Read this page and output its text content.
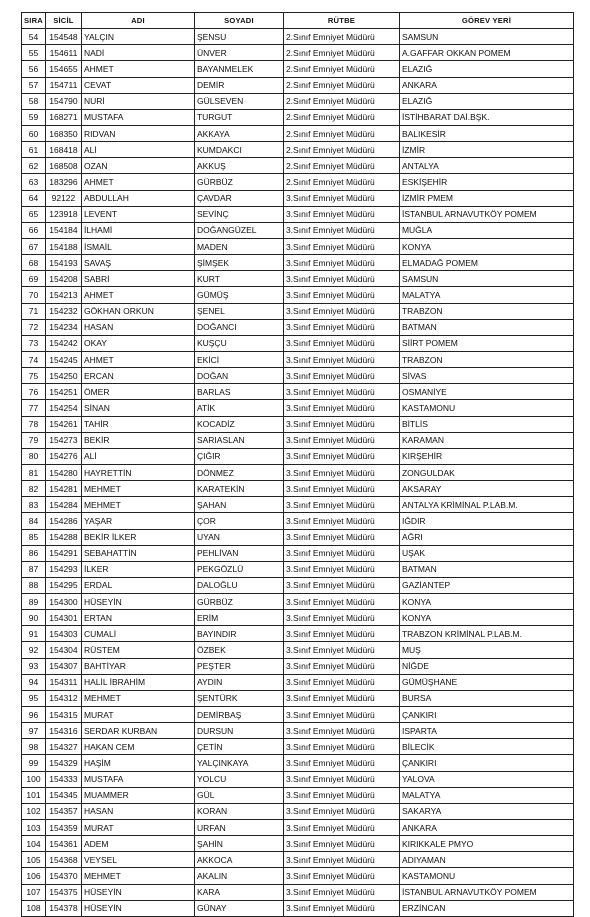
SIRA	SİCİL	ADI	SOYADI	RÜTBE	GÖREV YERİ
54	154548	YALÇIN	ŞENSU	2.Sınıf Emniyet Müdürü	SAMSUN
55	154611	NADİ	ÜNVER	2.Sınıf Emniyet Müdürü	A.GAFFAR OKKAN POMEM
56	154655	AHMET	BAYANMELEK	2.Sınıf Emniyet Müdürü	ELAZIĞ
57	154711	CEVAT	DEMİR	2.Sınıf Emniyet Müdürü	ANKARA
58	154790	NURİ	GÜLSEVEN	2.Sınıf Emniyet Müdürü	ELAZIĞ
59	168271	MUSTAFA	TURGUT	2.Sınıf Emniyet Müdürü	İSTİHBARAT DAİ.BŞK.
60	168350	RIDVAN	AKKAYA	2.Sınıf Emniyet Müdürü	BALIKESİR
61	168418	ALİ	KUMDAKCI	2.Sınıf Emniyet Müdürü	İZMİR
62	168508	OZAN	AKKUŞ	2.Sınıf Emniyet Müdürü	ANTALYA
63	183296	AHMET	GÜRBÜZ	2.Sınıf Emniyet Müdürü	ESKİŞEHİR
64	92122	ABDULLAH	ÇAVDAR	3.Sınıf Emniyet Müdürü	İZMİR PMEM
65	123918	LEVENT	SEVİNÇ	3.Sınıf Emniyet Müdürü	İSTANBUL ARNAVUTKÖY POMEM
66	154184	İLHAMİ	DOĞANGÜZEL	3.Sınıf Emniyet Müdürü	MUĞLA
67	154188	İSMAİL	MADEN	3.Sınıf Emniyet Müdürü	KONYA
68	154193	SAVAŞ	ŞİMŞEK	3.Sınıf Emniyet Müdürü	ELMADAĞ POMEM
69	154208	SABRİ	KURT	3.Sınıf Emniyet Müdürü	SAMSUN
70	154213	AHMET	GÜMÜŞ	3.Sınıf Emniyet Müdürü	MALATYA
71	154232	GÖKHAN ORKUN	ŞENEL	3.Sınıf Emniyet Müdürü	TRABZON
72	154234	HASAN	DOĞANCI	3.Sınıf Emniyet Müdürü	BATMAN
73	154242	OKAY	KUŞÇU	3.Sınıf Emniyet Müdürü	SİİRT POMEM
74	154245	AHMET	EKİCİ	3.Sınıf Emniyet Müdürü	TRABZON
75	154250	ERCAN	DOĞAN	3.Sınıf Emniyet Müdürü	SİVAS
76	154251	ÖMER	BARLAS	3.Sınıf Emniyet Müdürü	OSMANİYE
77	154254	SİNAN	ATİK	3.Sınıf Emniyet Müdürü	KASTAMONU
78	154261	TAHİR	KOCADİZ	3.Sınıf Emniyet Müdürü	BİTLİS
79	154273	BEKİR	SARIASLAN	3.Sınıf Emniyet Müdürü	KARAMAN
80	154276	ALİ	ÇIĞIR	3.Sınıf Emniyet Müdürü	KIRŞEHİR
81	154280	HAYRETTİN	DÖNMEZ	3.Sınıf Emniyet Müdürü	ZONGULDAK
82	154281	MEHMET	KARATEKİN	3.Sınıf Emniyet Müdürü	AKSARAY
83	154284	MEHMET	ŞAHAN	3.Sınıf Emniyet Müdürü	ANTALYA KRİMİNAL P.LAB.M.
84	154286	YAŞAR	ÇOR	3.Sınıf Emniyet Müdürü	IĞDIR
85	154288	BEKİR İLKER	UYAN	3.Sınıf Emniyet Müdürü	AĞRI
86	154291	SEBAHATTİN	PEHLİVAN	3.Sınıf Emniyet Müdürü	UŞAK
87	154293	İLKER	PEKGÖZLÜ	3.Sınıf Emniyet Müdürü	BATMAN
88	154295	ERDAL	DALOĞLU	3.Sınıf Emniyet Müdürü	GAZİANTEP
89	154300	HÜSEYİN	GÜRBÜZ	3.Sınıf Emniyet Müdürü	KONYA
90	154301	ERTAN	ERİM	3.Sınıf Emniyet Müdürü	KONYA
91	154303	CUMALİ	BAYINDIR	3.Sınıf Emniyet Müdürü	TRABZON KRİMİNAL P.LAB.M.
92	154304	RÜSTEM	ÖZBEK	3.Sınıf Emniyet Müdürü	MUŞ
93	154307	BAHTİYAR	PEŞTER	3.Sınıf Emniyet Müdürü	NİĞDE
94	154311	HALİL İBRAHİM	AYDIN	3.Sınıf Emniyet Müdürü	GÜMÜŞHANE
95	154312	MEHMET	ŞENTÜRK	3.Sınıf Emniyet Müdürü	BURSA
96	154315	MURAT	DEMİRBAŞ	3.Sınıf Emniyet Müdürü	ÇANKIRI
97	154316	SERDAR KURBAN	DURSUN	3.Sınıf Emniyet Müdürü	ISPARTA
98	154327	HAKAN CEM	ÇETİN	3.Sınıf Emniyet Müdürü	BİLECİK
99	154329	HAŞİM	YALÇINKAYA	3.Sınıf Emniyet Müdürü	ÇANKIRI
100	154333	MUSTAFA	YOLCU	3.Sınıf Emniyet Müdürü	YALOVA
101	154345	MUAMMER	GÜL	3.Sınıf Emniyet Müdürü	MALATYA
102	154357	HASAN	KORAN	3.Sınıf Emniyet Müdürü	SAKARYA
103	154359	MURAT	URFAN	3.Sınıf Emniyet Müdürü	ANKARA
104	154361	ADEM	ŞAHİN	3.Sınıf Emniyet Müdürü	KIRIKKALE PMYO
105	154368	VEYSEL	AKKOCA	3.Sınıf Emniyet Müdürü	ADIYAMAN
106	154370	MEHMET	AKALIN	3.Sınıf Emniyet Müdürü	KASTAMONU
107	154375	HÜSEYİN	KARA	3.Sınıf Emniyet Müdürü	İSTANBUL ARNAVUTKÖY POMEM
108	154378	HÜSEYİN	GÜNAY	3.Sınıf Emniyet Müdürü	ERZİNCAN
